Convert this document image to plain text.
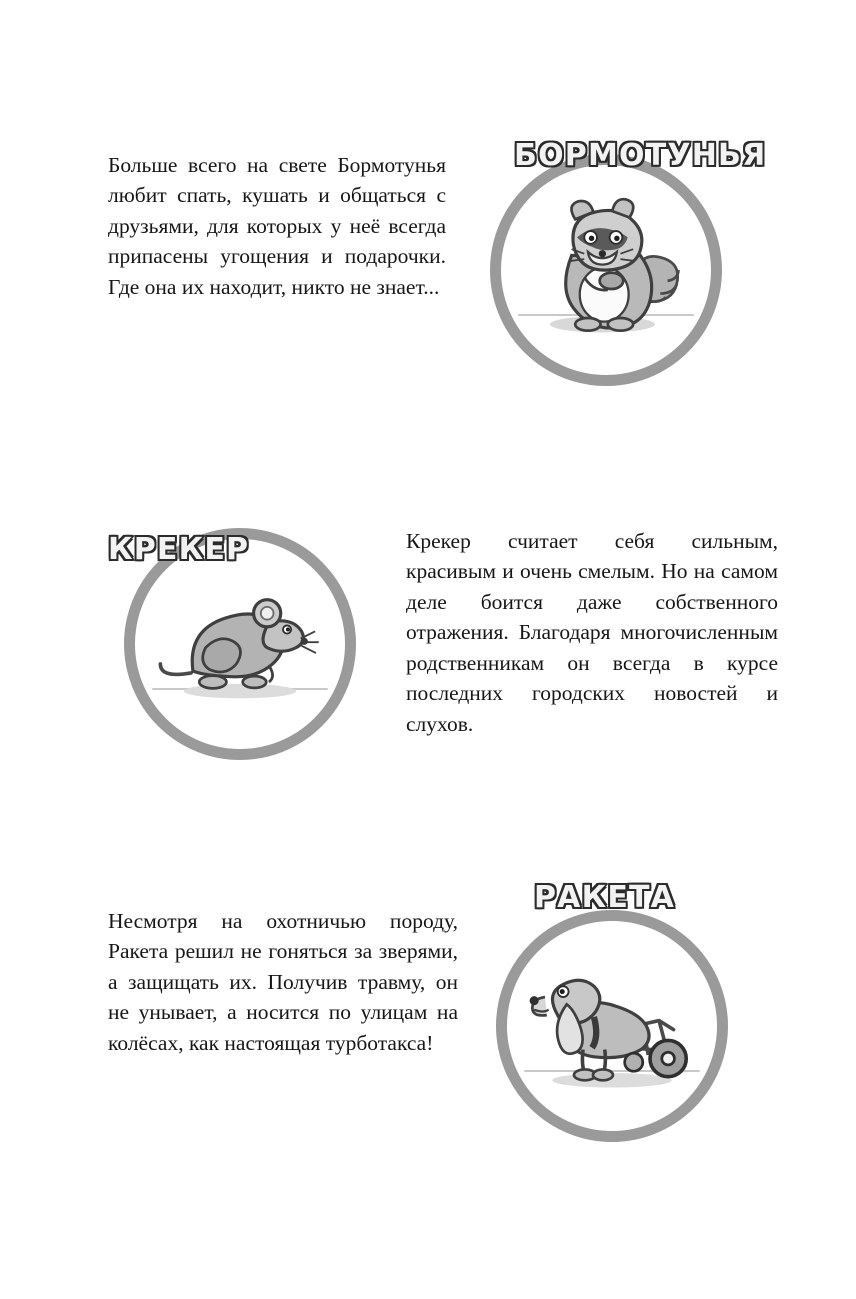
Больше всего на свете Бормотунья любит спать, кушать и общаться с друзьями, для которых у неё всегда припасены угощения и подарочки. Где она их находит, никто не знает...

БОРМОТУНЬЯ
КРЕКЕР	Крекер считает себя сильным, красивым и очень смелым. Но на самом деле боится даже собственного отражения. Благодаря многочисленным родственникам он всегда в курсе последних городских новостей и слухов.

Несмотря на охотничью породу, Ракета решил не гоняться за зверями, а защищать их. Получив травму, он не унывает, а носится по улицам на колёсах, как настоящая турботакса!

РАКЕТА
